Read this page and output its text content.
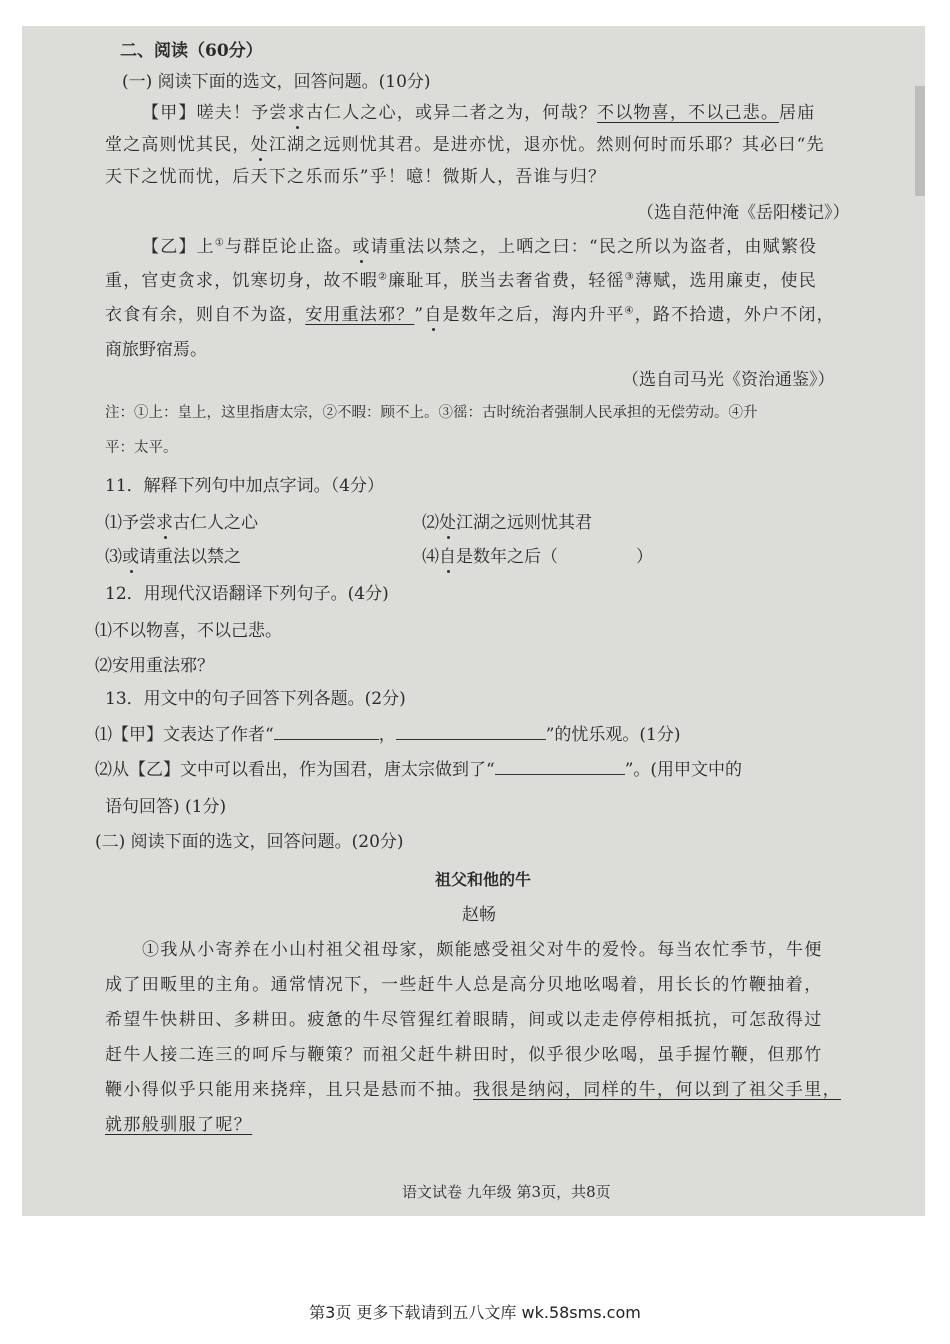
二、阅读（60分）
(一) 阅读下面的选文，回答问题。(10分)
【甲】嗟夫！予尝求古仁人之心，或异二者之为，何哉？不以物喜，不以己悲。居庙
堂之高则忧其民，处江湖之远则忧其君。是进亦忧，退亦忧。然则何时而乐耶？其必曰“先
天下之忧而忧，后天下之乐而乐”乎！噫！微斯人，吾谁与归？
（选自范仲淹《岳阳楼记》）
【乙】上①与群臣论止盗。或请重法以禁之，上哂之曰：“民之所以为盗者，由赋繁役
重，官吏贪求，饥寒切身，故不暇②廉耻耳，朕当去奢省费，轻徭③薄赋，选用廉吏，使民
衣食有余，则自不为盗，安用重法邪？”自是数年之后，海内升平④，路不拾遗，外户不闭，
商旅野宿焉。
（选自司马光《资治通鉴》）
注：①上：皇上，这里指唐太宗，②不暇：顾不上。③徭：古时统治者强制人民承担的无偿劳动。④升
平：太平。
11．解释下列句中加点字词。（4分）
⑴予尝求古仁人之心	⑵处江湖之远则忧其君
⑶或请重法以禁之	⑷自是数年之后（	）
12．用现代汉语翻译下列句子。(4分)
⑴不以物喜，不以己悲。
⑵安用重法邪？
13．用文中的句子回答下列各题。(2分)
⑴【甲】文表达了作者“	，	”的忧乐观。(1分)
⑵从【乙】文中可以看出，作为国君，唐太宗做到了“	”。(用甲文中的
语句回答) (1分)
(二) 阅读下面的选文，回答问题。(20分)
祖父和他的牛
赵畅
①我从小寄养在小山村祖父祖母家，颇能感受祖父对牛的爱怜。每当农忙季节，牛便
成了田畈里的主角。通常情况下，一些赶牛人总是高分贝地吆喝着，用长长的竹鞭抽着，
希望牛快耕田、多耕田。疲惫的牛尽管猩红着眼睛，间或以走走停停相抵抗，可怎敌得过
赶牛人接二连三的呵斥与鞭策？而祖父赶牛耕田时，似乎很少吆喝，虽手握竹鞭，但那竹
鞭小得似乎只能用来挠痒，且只是悬而不抽。我很是纳闷，同样的牛，何以到了祖父手里，
就那般驯服了呢？
语文试卷 九年级 第3页，共8页
第3页 更多下载请到五八文库 wk.58sms.com
